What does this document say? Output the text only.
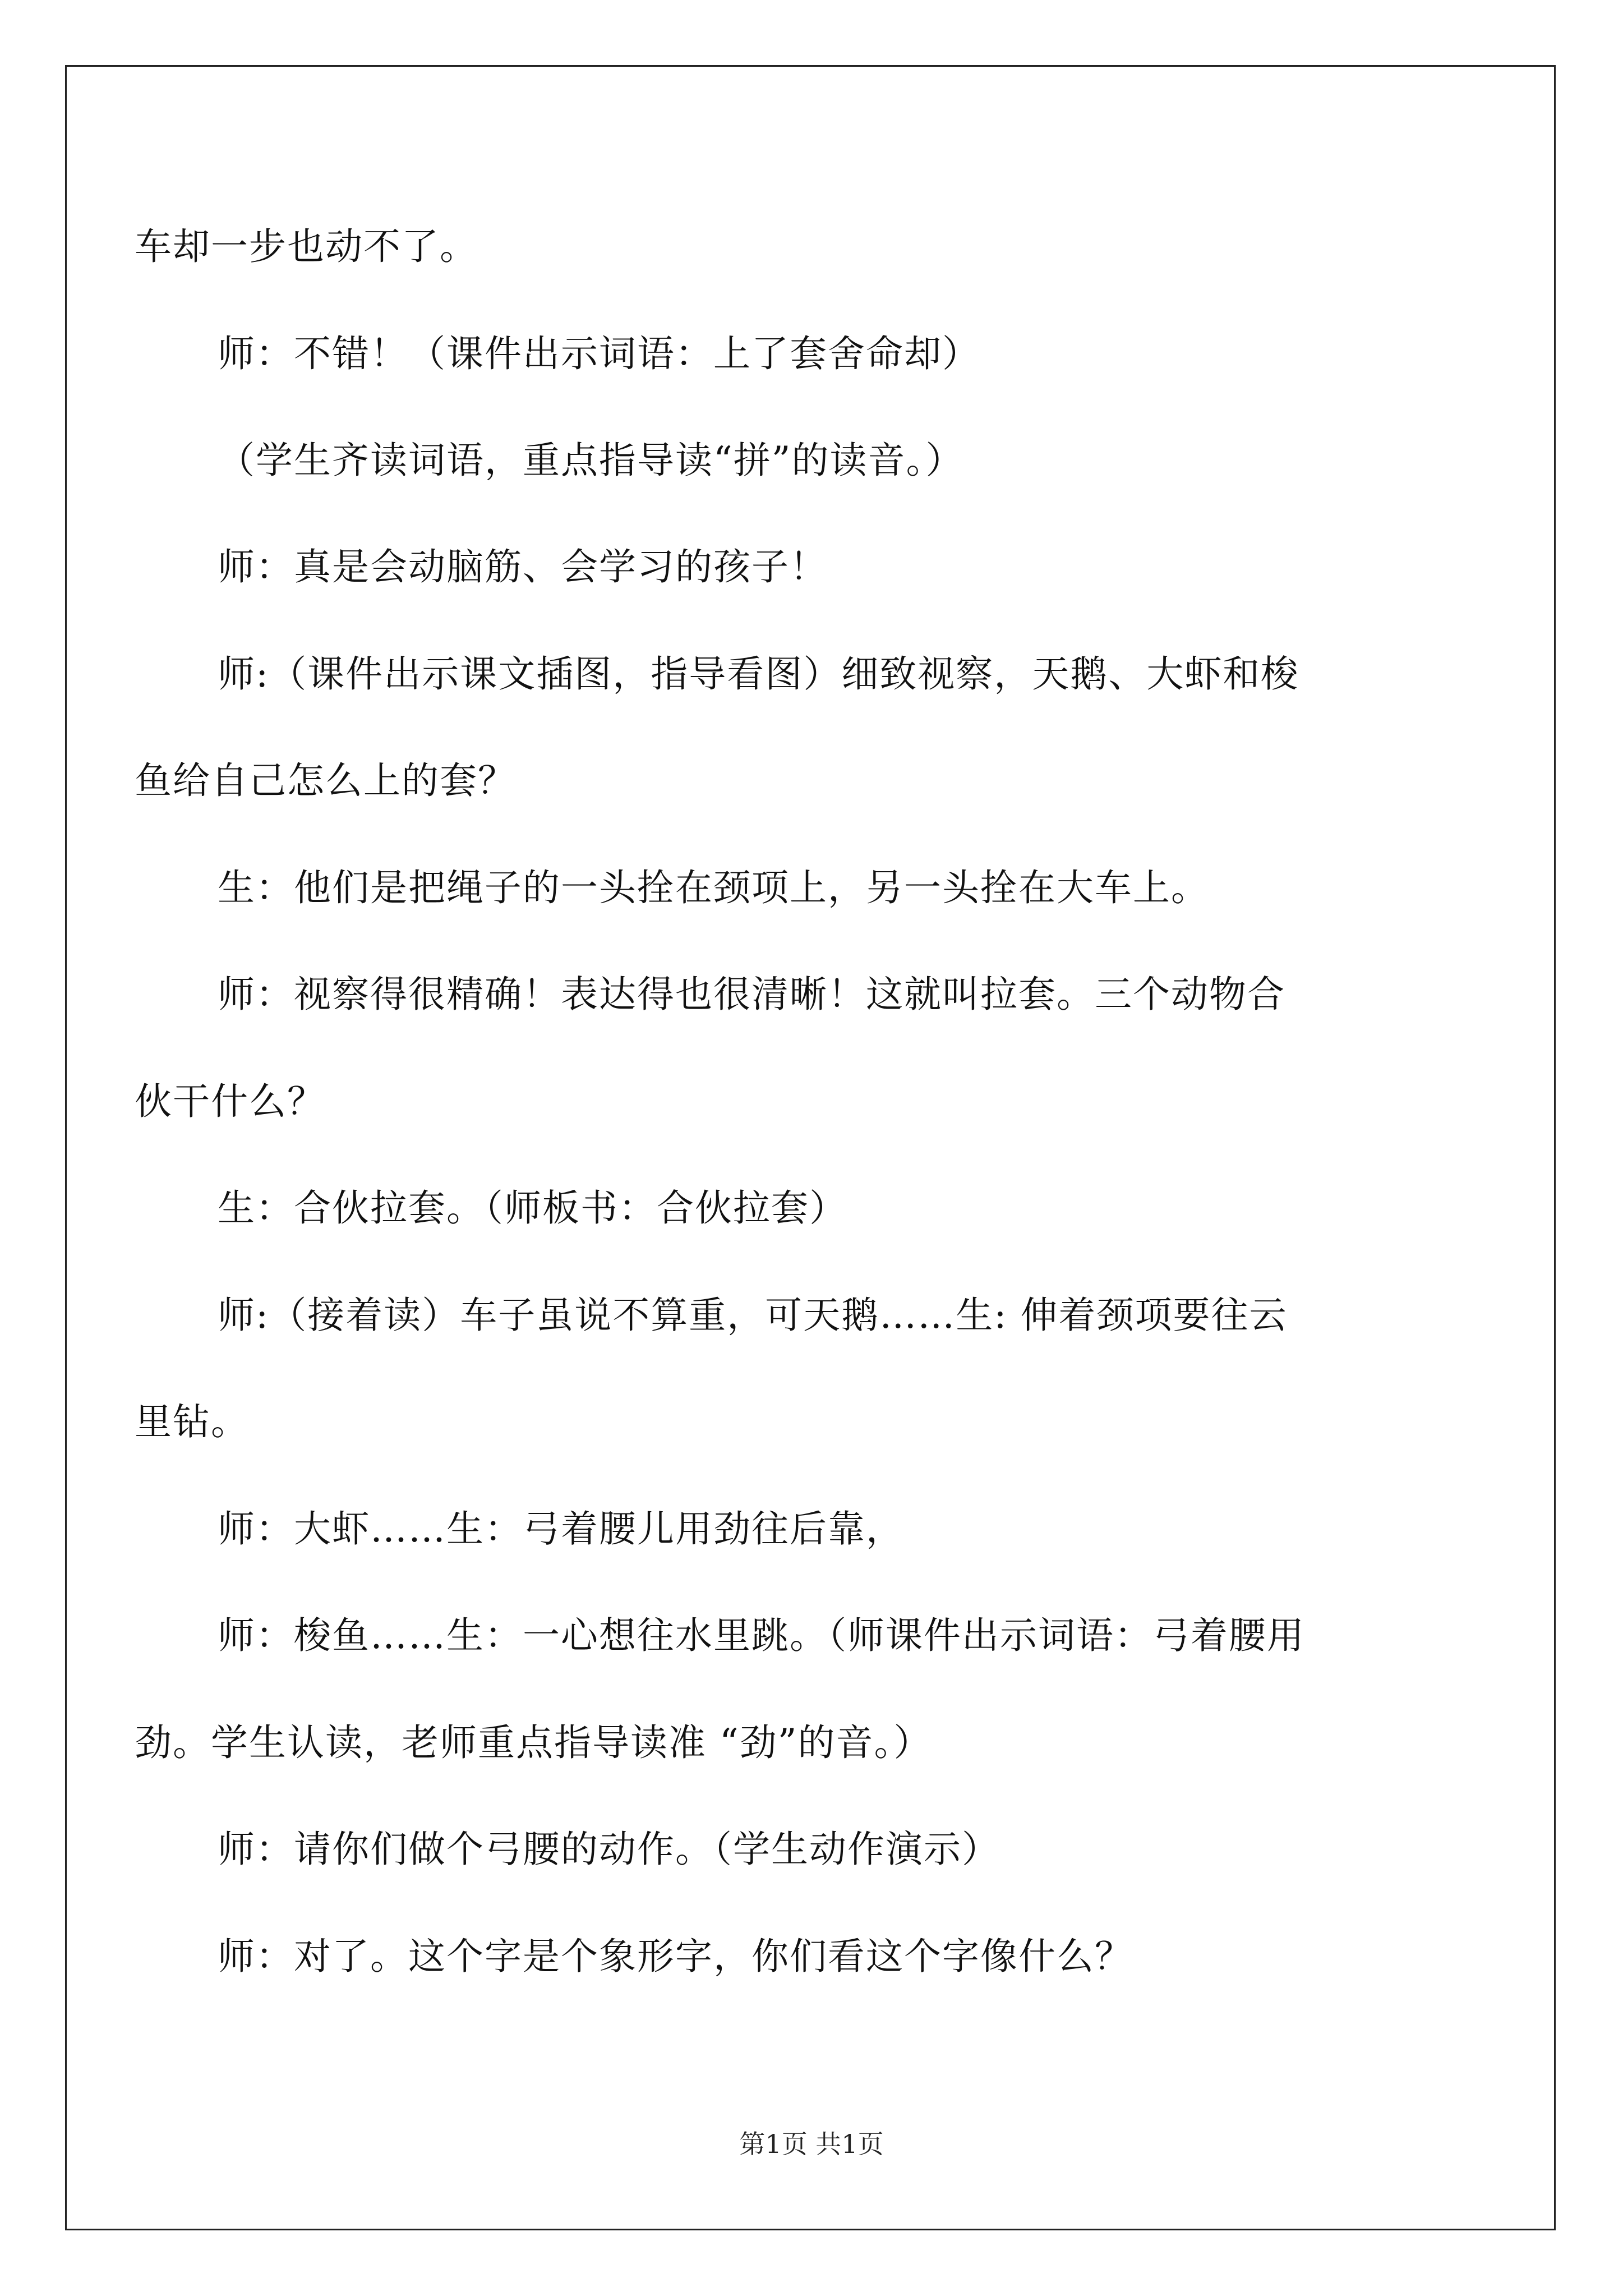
车却一步也动不了。
师：不错！（课件出示词语：上了套舍命却）
（学生齐读词语，重点指导读“拼”的读音。）
师：真是会动脑筋、会学习的孩子！
师:（课件出示课文插图，指导看图）细致视察，天鹅、大虾和梭
鱼给自己怎么上的套？
生：他们是把绳子的一头拴在颈项上，另一头拴在大车上。
师：视察得很精确！表达得也很清晰！这就叫拉套。三个动物合
伙干什么？
生：合伙拉套。（师板书：合伙拉套）
师:（接着读）车子虽说不算重，可天鹅……生: 伸着颈项要往云
里钻。
师：大虾……生：弓着腰儿用劲往后靠，
师：梭鱼……生：一心想往水里跳。（师课件出示词语：弓着腰用
劲。学生认读，老师重点指导读准 “劲”的音。）
师：请你们做个弓腰的动作。（学生动作演示）
师：对了。这个字是个象形字，你们看这个字像什么？
第1页 共1页
